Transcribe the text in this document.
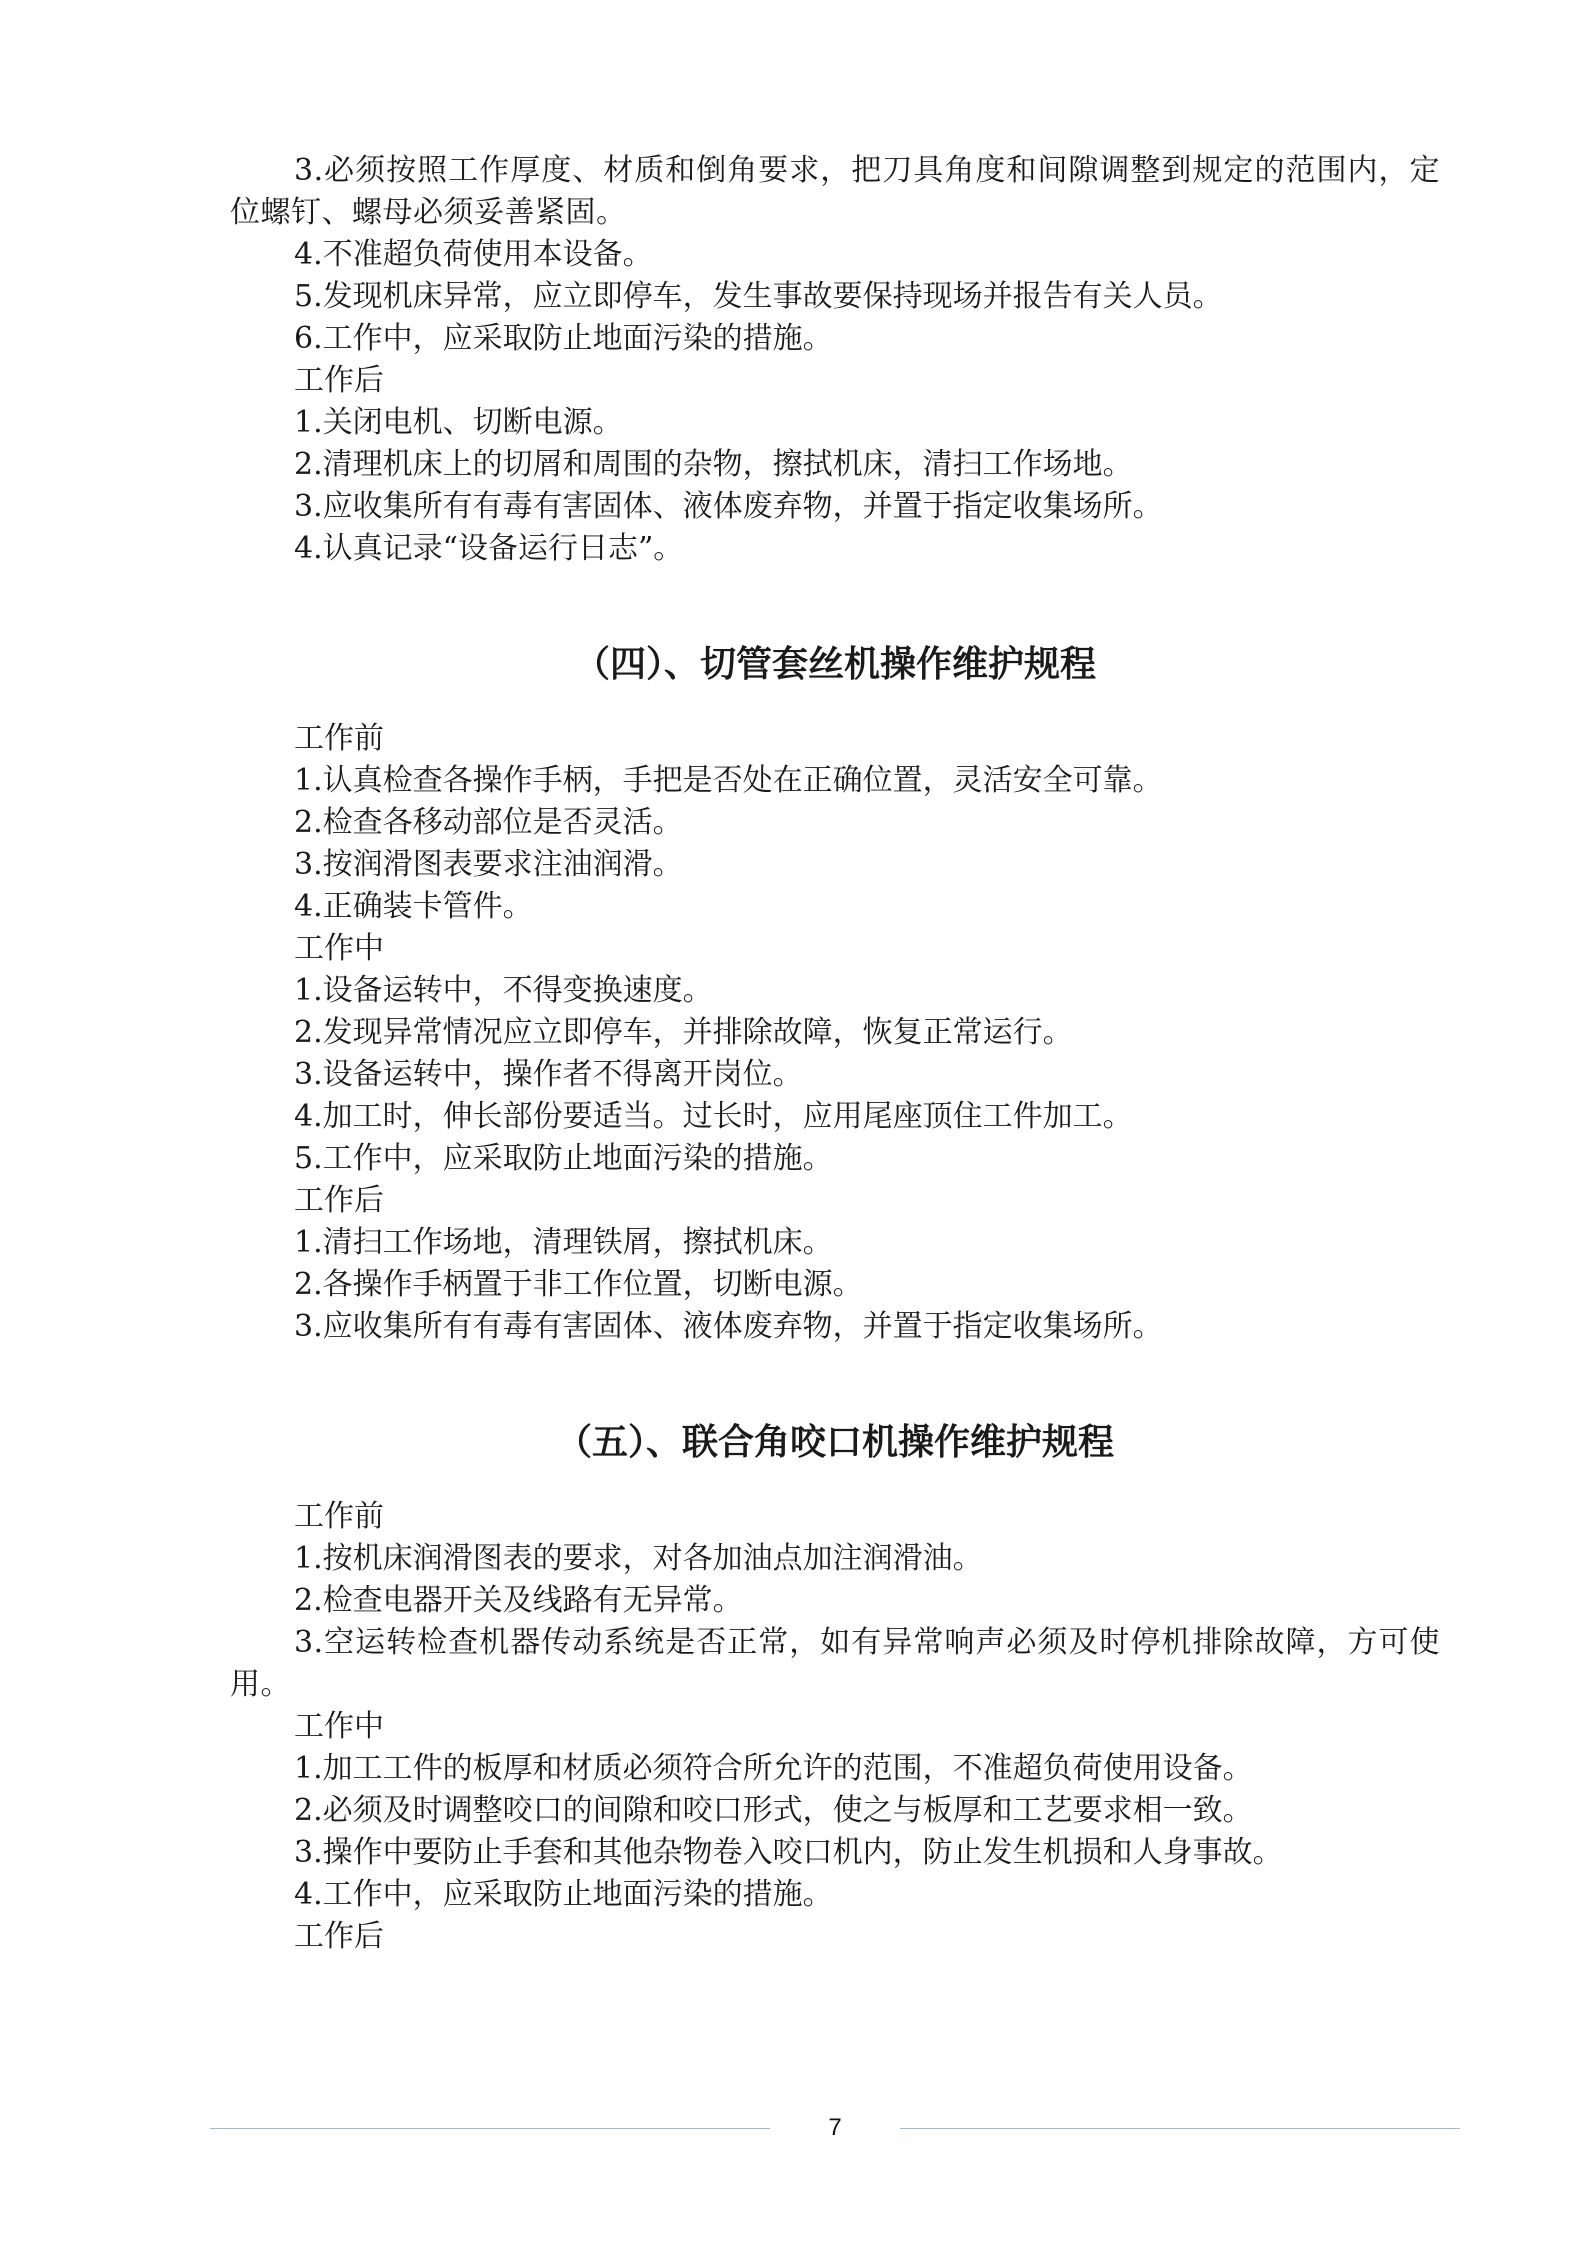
3.必须按照工作厚度、材质和倒角要求，把刀具角度和间隙调整到规定的范围内，定位螺钉、螺母必须妥善紧固。
4.不准超负荷使用本设备。
5.发现机床异常，应立即停车，发生事故要保持现场并报告有关人员。
6.工作中，应采取防止地面污染的措施。
工作后
1.关闭电机、切断电源。
2.清理机床上的切屑和周围的杂物，擦拭机床，清扫工作场地。
3.应收集所有有毒有害固体、液体废弃物，并置于指定收集场所。
4.认真记录“设备运行日志”。
（四）、切管套丝机操作维护规程
工作前
1.认真检查各操作手柄，手把是否处在正确位置，灵活安全可靠。
2.检查各移动部位是否灵活。
3.按润滑图表要求注油润滑。
4.正确装卡管件。
工作中
1.设备运转中，不得变换速度。
2.发现异常情况应立即停车，并排除故障，恢复正常运行。
3.设备运转中，操作者不得离开岗位。
4.加工时，伸长部份要适当。过长时，应用尾座顶住工件加工。
5.工作中，应采取防止地面污染的措施。
工作后
1.清扫工作场地，清理铁屑，擦拭机床。
2.各操作手柄置于非工作位置，切断电源。
3.应收集所有有毒有害固体、液体废弃物，并置于指定收集场所。
（五）、联合角咬口机操作维护规程
工作前
1.按机床润滑图表的要求，对各加油点加注润滑油。
2.检查电器开关及线路有无异常。
3.空运转检查机器传动系统是否正常，如有异常响声必须及时停机排除故障，方可使用。
工作中
1.加工工件的板厚和材质必须符合所允许的范围，不准超负荷使用设备。
2.必须及时调整咬口的间隙和咬口形式，使之与板厚和工艺要求相一致。
3.操作中要防止手套和其他杂物卷入咬口机内，防止发生机损和人身事故。
4.工作中，应采取防止地面污染的措施。
工作后
7
